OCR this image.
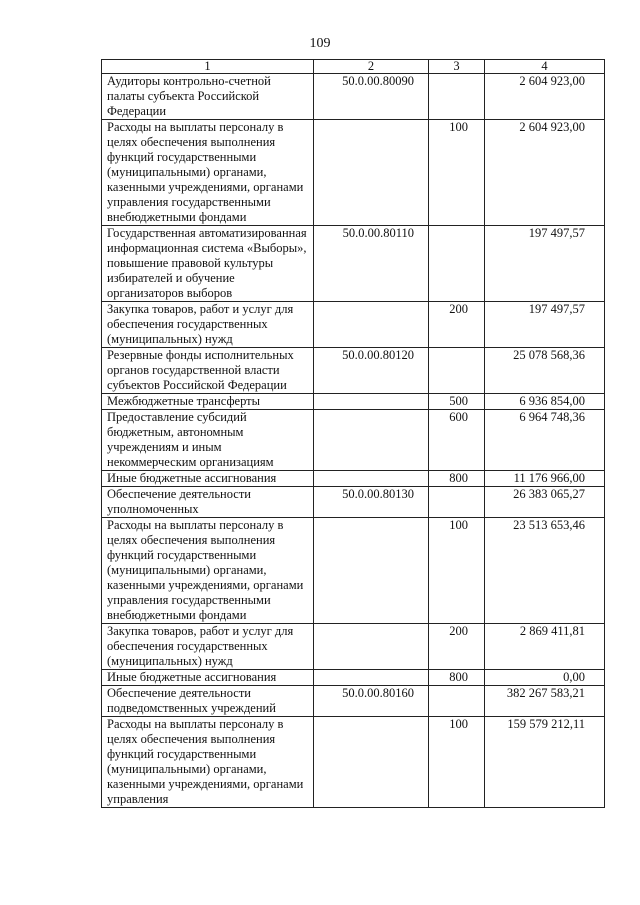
109
1	2	3	4
Аудиторы контрольно-счетной палаты субъекта Российской Федерации	50.0.00.80090		2 604 923,00
Расходы на выплаты персоналу в целях обеспечения выполнения функций государственными (муниципальными) органами, казенными учреждениями, органами управления государственными внебюджетными фондами		100	2 604 923,00
Государственная автоматизированная информационная система «Выборы», повышение правовой культуры избирателей и обучение организаторов выборов	50.0.00.80110		197 497,57
Закупка товаров, работ и услуг для обеспечения государственных (муниципальных) нужд		200	197 497,57
Резервные фонды исполнительных органов государственной власти субъектов Российской Федерации	50.0.00.80120		25 078 568,36
Межбюджетные трансферты		500	6 936 854,00
Предоставление субсидий бюджетным, автономным учреждениям и иным некоммерческим организациям		600	6 964 748,36
Иные бюджетные ассигнования		800	11 176 966,00
Обеспечение деятельности уполномоченных	50.0.00.80130		26 383 065,27
Расходы на выплаты персоналу в целях обеспечения выполнения функций государственными (муниципальными) органами, казенными учреждениями, органами управления государственными внебюджетными фондами		100	23 513 653,46
Закупка товаров, работ и услуг для обеспечения государственных (муниципальных) нужд		200	2 869 411,81
Иные бюджетные ассигнования		800	0,00
Обеспечение деятельности подведомственных учреждений	50.0.00.80160		382 267 583,21
Расходы на выплаты персоналу в целях обеспечения выполнения функций государственными (муниципальными) органами, казенными учреждениями, органами управления		100	159 579 212,11
